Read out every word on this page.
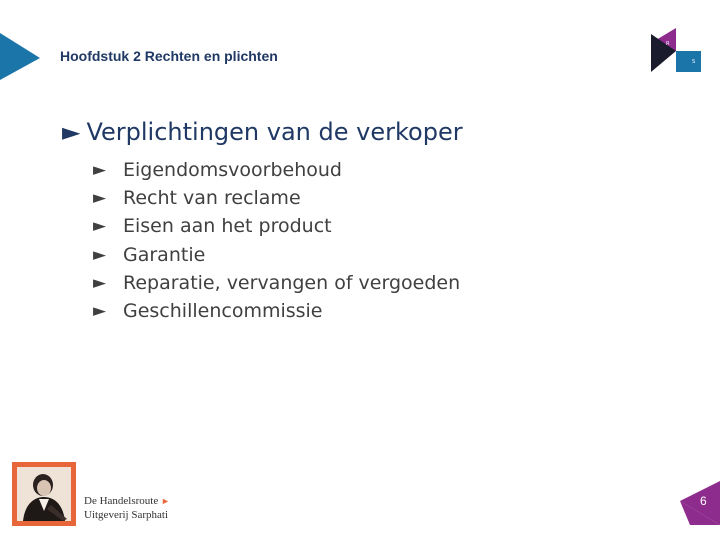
Hoofdstuk 2 Rechten en plichten
R
S
► Verplichtingen van de verkoper
► Eigendomsvoorbehoud
► Recht van reclame
► Eisen aan het product
► Garantie
► Reparatie, vervangen of vergoeden
► Geschillencommissie
De Handelsroute ►
Uitgeverij Sarphati
6
